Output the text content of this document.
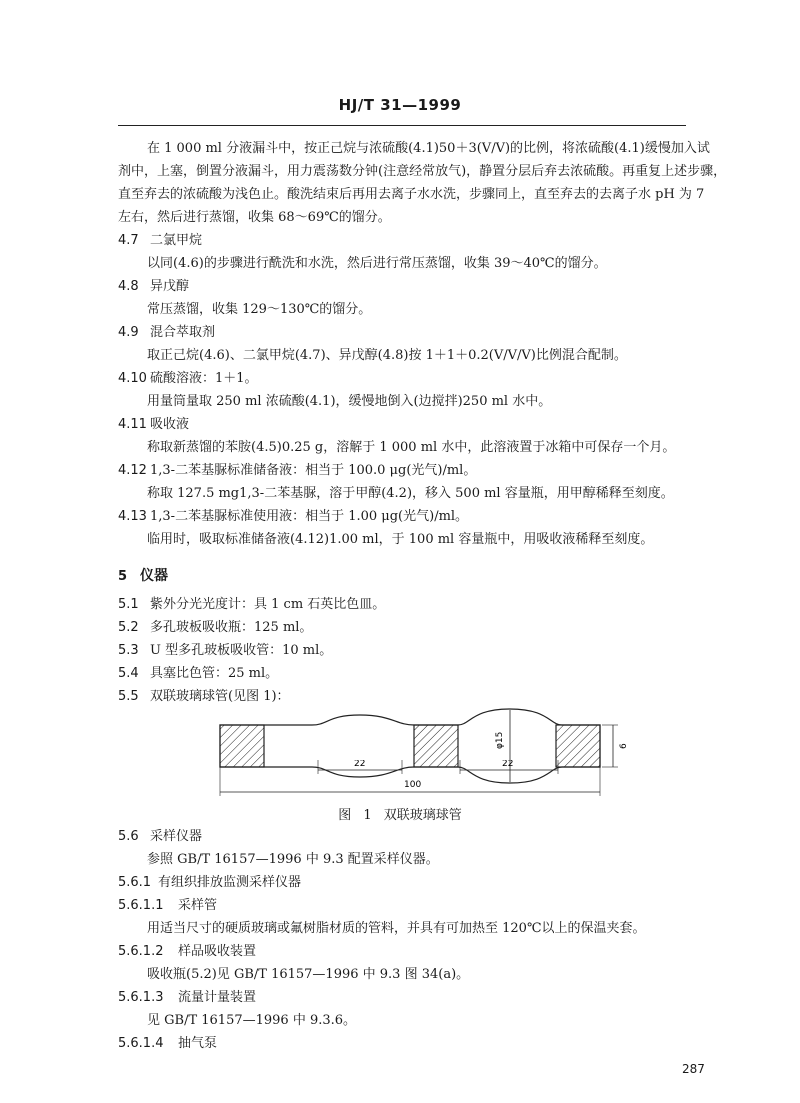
HJ/T 31—1999
在 1 000 ml 分液漏斗中，按正己烷与浓硫酸(4.1)50＋3(V/V)的比例，将浓硫酸(4.1)缓慢加入试
剂中，上塞，倒置分液漏斗，用力震荡数分钟(注意经常放气)，静置分层后弃去浓硫酸。再重复上述步骤，
直至弃去的浓硫酸为浅色止。酸洗结束后再用去离子水水洗，步骤同上，直至弃去的去离子水 pH 为 7
左右，然后进行蒸馏，收集 68～69℃的馏分。
4.7 二氯甲烷
以同(4.6)的步骤进行酰洗和水洗，然后进行常压蒸馏，收集 39～40℃的馏分。
4.8 异戊醇
常压蒸馏，收集 129～130℃的馏分。
4.9 混合萃取剂
取正己烷(4.6)、二氯甲烷(4.7)、异戊醇(4.8)按 1＋1＋0.2(V/V/V)比例混合配制。
4.10 硫酸溶液：1＋1。
用量筒量取 250 ml 浓硫酸(4.1)，缓慢地倒入(边搅拌)250 ml 水中。
4.11 吸收液
称取新蒸馏的苯胺(4.5)0.25 g，溶解于 1 000 ml 水中，此溶液置于冰箱中可保存一个月。
4.12 1,3-二苯基脲标准储备液：相当于 100.0 μg(光气)/ml。
称取 127.5 mg1,3-二苯基脲，溶于甲醇(4.2)，移入 500 ml 容量瓶，用甲醇稀释至刻度。
4.13 1,3-二苯基脲标准使用液：相当于 1.00 μg(光气)/ml。
临用时，吸取标准储备液(4.12)1.00 ml，于 100 ml 容量瓶中，用吸收液稀释至刻度。
5 仪器
5.1 紫外分光光度计：具 1 cm 石英比色皿。
5.2 多孔玻板吸收瓶：125 ml。
5.3 U 型多孔玻板吸收管：10 ml。
5.4 具塞比色管：25 ml。
5.5 双联玻璃球管(见图 1)：
φ15	6
22	22
100
图 1 双联玻璃球管
5.6 采样仪器
参照 GB/T 16157—1996 中 9.3 配置采样仪器。
5.6.1 有组织排放监测采样仪器
5.6.1.1 采样管
用适当尺寸的硬质玻璃或氟树脂材质的管料，并具有可加热至 120℃以上的保温夹套。
5.6.1.2 样品吸收装置
吸收瓶(5.2)见 GB/T 16157—1996 中 9.3 图 34(a)。
5.6.1.3 流量计量装置
见 GB/T 16157—1996 中 9.3.6。
5.6.1.4 抽气泵
287
